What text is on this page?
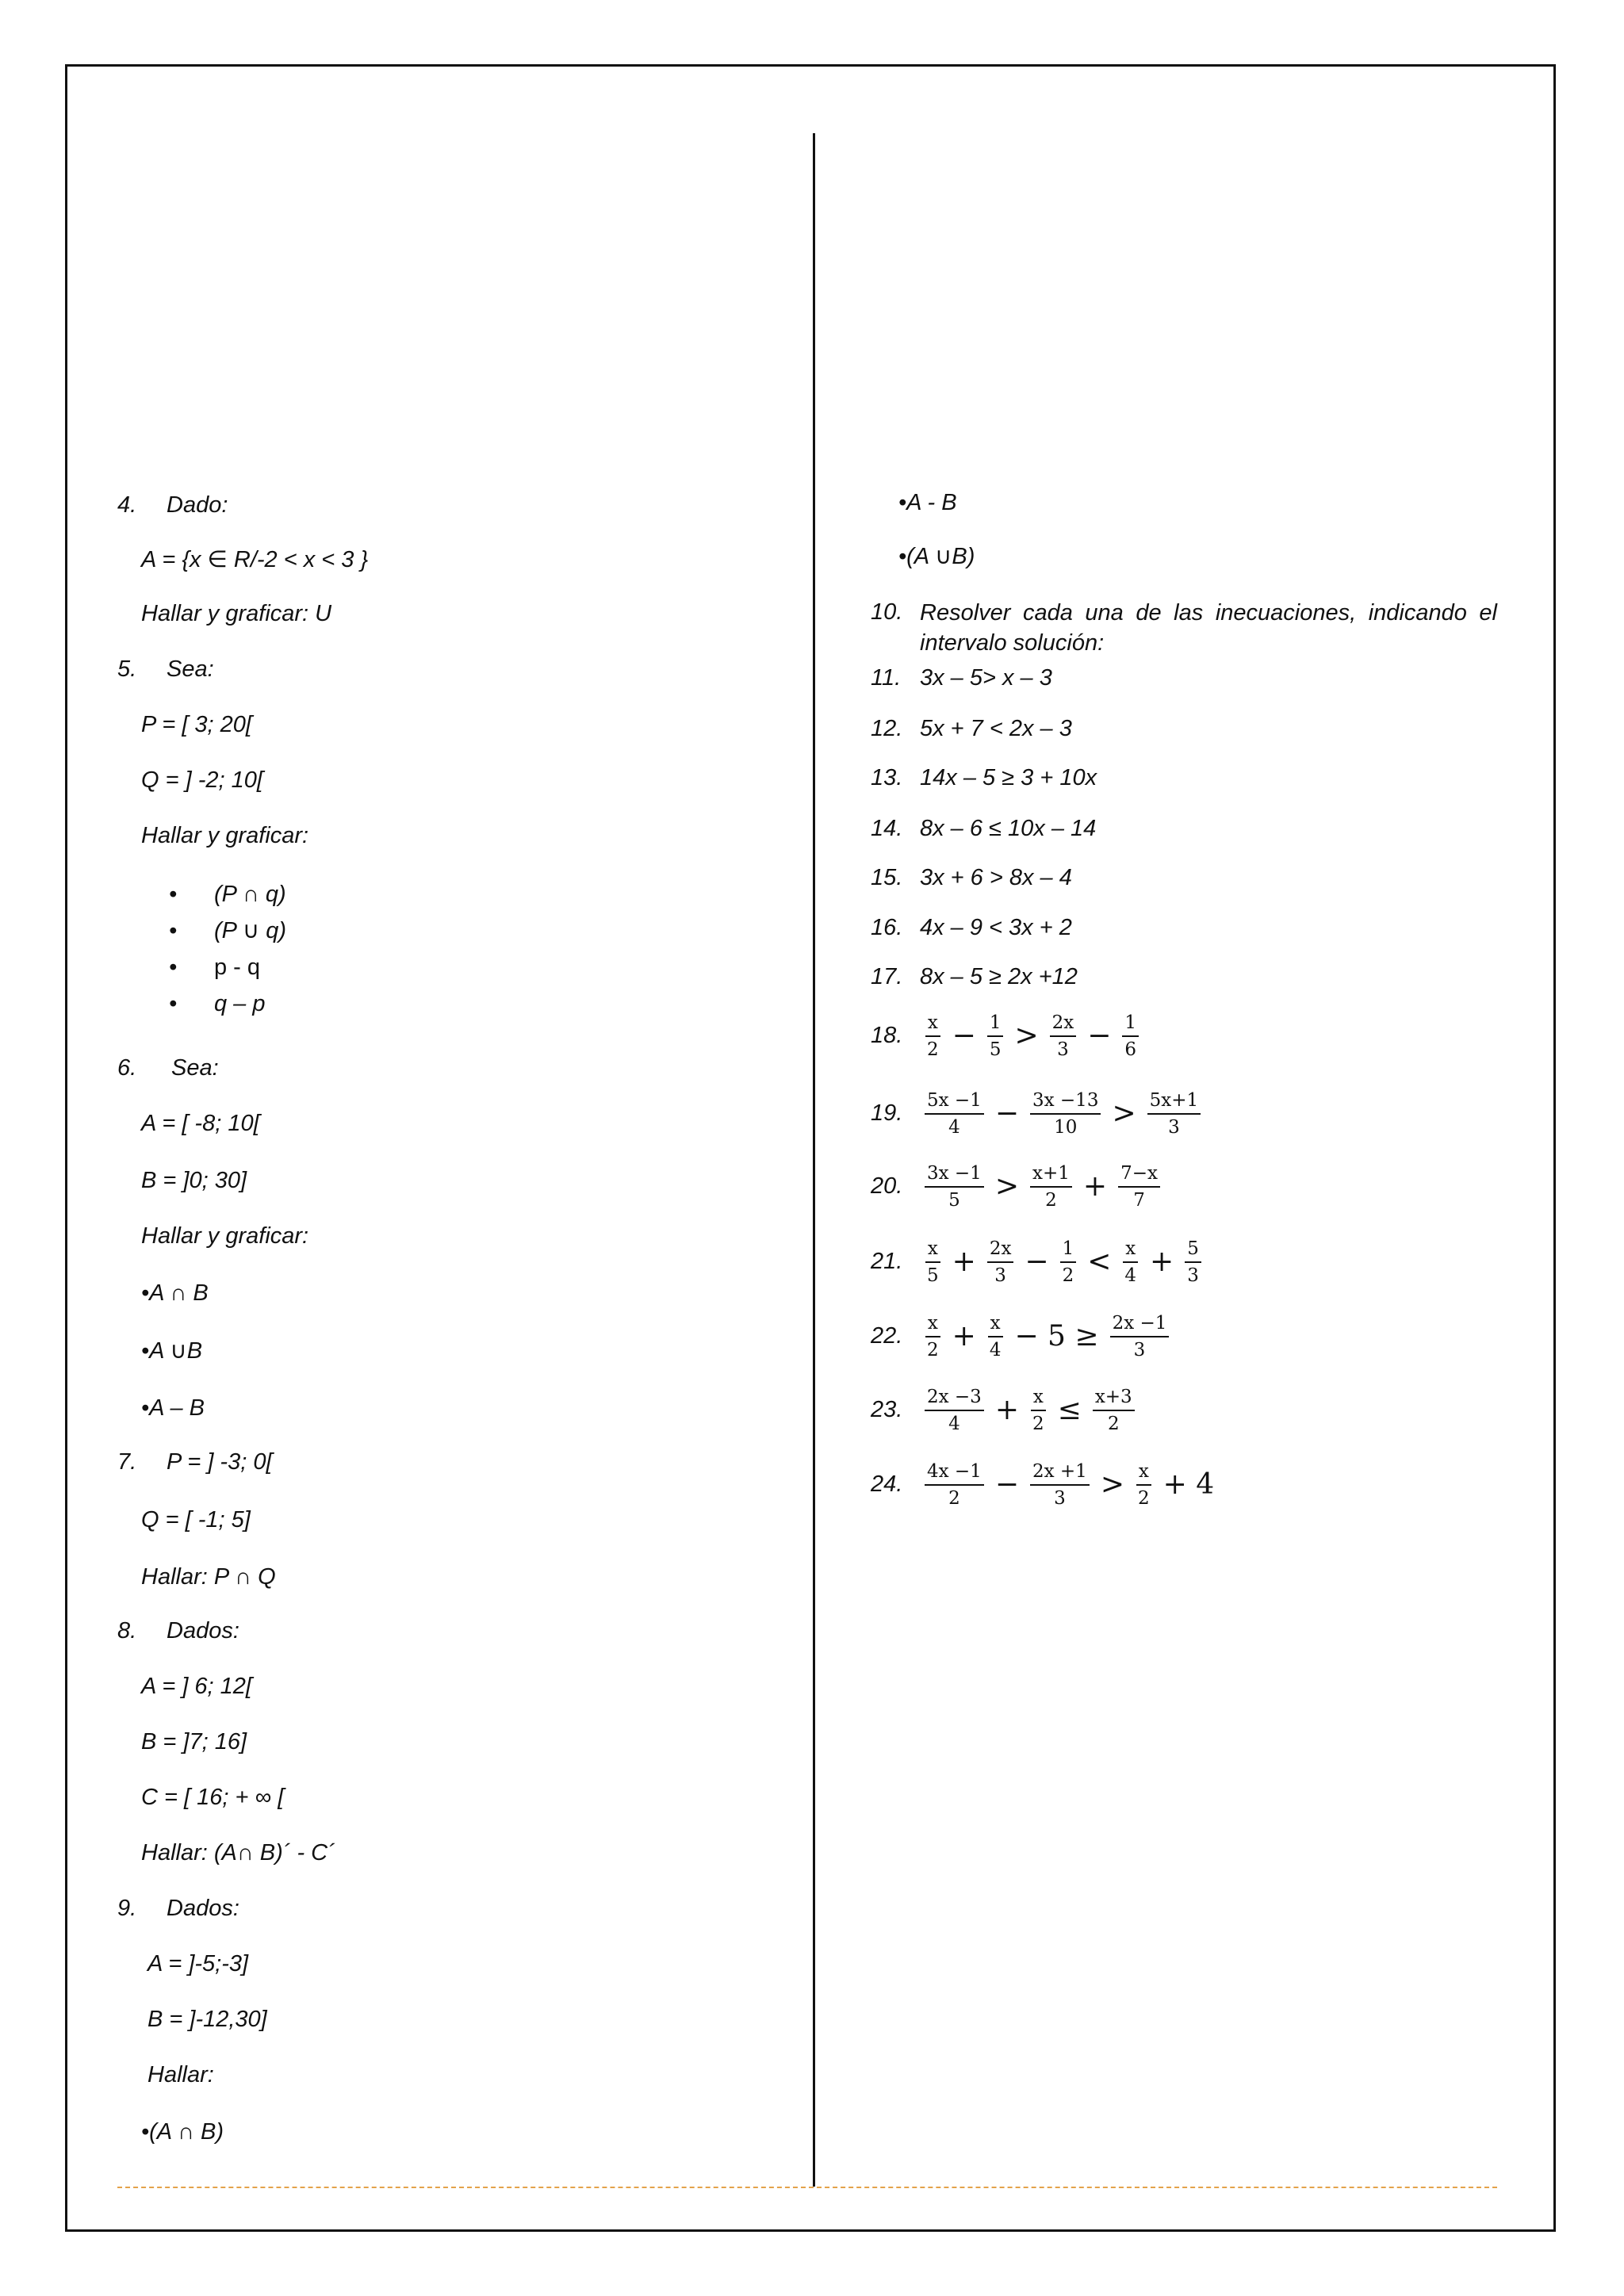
4. Dado:
A = {x ∈ R/-2 < x < 3 }
Hallar y graficar: U
5. Sea:
P = [ 3; 20[
Q = ] -2; 10[
Hallar y graficar:
• (P ∩ q)
• (P ∪ q)
• p - q
• q – p
6. Sea:
A = [ -8; 10[
B = ]0; 30]
Hallar y graficar:
•A ∩ B
•A ∪B
•A – B
7. P = ] -3; 0[
Q = [ -1; 5]
Hallar: P ∩ Q
8. Dados:
A = ] 6; 12[
B = ]7; 16]
C = [ 16; + ∞ [
Hallar: (A∩ B)´ - C´
9. Dados:
A = ]-5;-3]
B = ]-12,30]
Hallar:
•(A ∩ B)
•A - B
•(A ∪B)
10. Resolver cada una de las inecuaciones, indicando el intervalo solución:
11. 3x – 5> x – 3
12. 5x + 7 < 2x – 3
13. 14x – 5 ≥ 3 + 10x
14. 8x – 6 ≤ 10x – 14
15. 3x + 6 > 8x – 4
16. 4x – 9 < 3x + 2
17. 8x – 5 ≥ 2x +12
18. $\frac{x}{2} - \frac{1}{5} > \frac{2x}{3} - \frac{1}{6}$
19. $\frac{5x -1}{4} - \frac{3x -13}{10} > \frac{5x+1}{3}$
20. $\frac{3x -1}{5} > \frac{x+1}{2} + \frac{7-x}{7}$
21. $\frac{x}{5} + \frac{2x}{3} - \frac{1}{2} < \frac{x}{4} + \frac{5}{3}$
22. $\frac{x}{2} + \frac{x}{4} - 5 \ge \frac{2x -1}{3}$
23. $\frac{2x -3}{4} + \frac{x}{2} \le \frac{x+3}{2}$
24. $\frac{4x -1}{2} - \frac{2x +1}{3} > \frac{x}{2} + 4$
